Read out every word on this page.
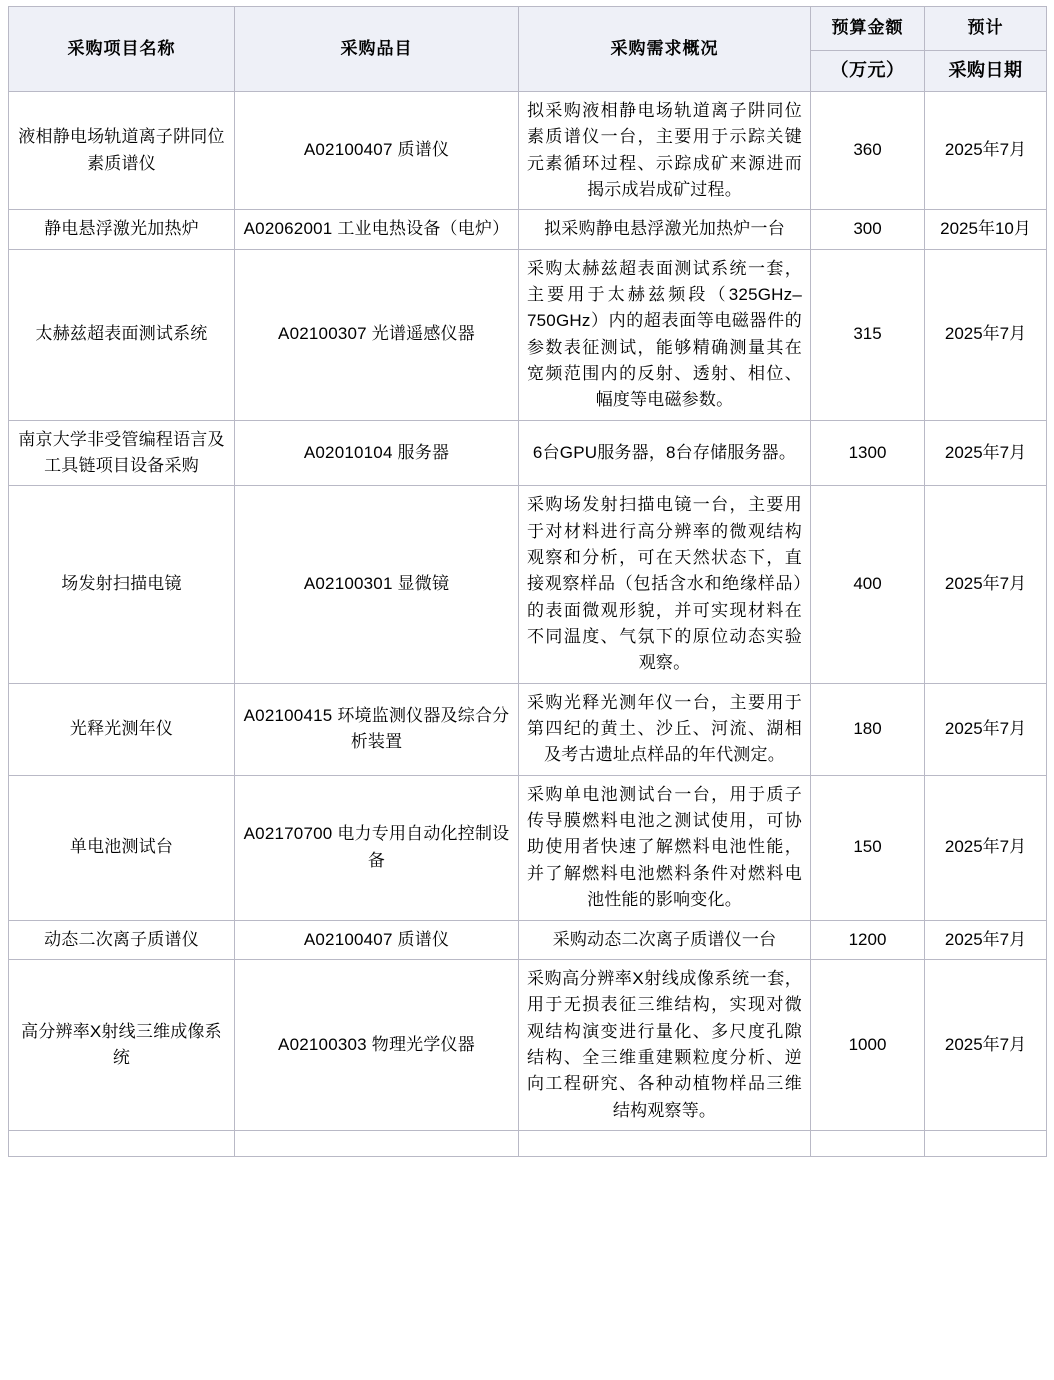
采购项目名称	采购品目	采购需求概况	预算金额	预计
			（万元）	采购日期
液相静电场轨道离子阱同位素质谱仪	A02100407 质谱仪	拟采购液相静电场轨道离子阱同位素质谱仪一台，主要用于示踪关键元素循环过程、示踪成矿来源进而揭示成岩成矿过程。	360	2025年7月
静电悬浮激光加热炉	A02062001 工业电热设备（电炉）	拟采购静电悬浮激光加热炉一台	300	2025年10月
太赫兹超表面测试系统	A02100307 光谱遥感仪器	采购太赫兹超表面测试系统一套，主要用于太赫兹频段（325GHz–750GHz）内的超表面等电磁器件的参数表征测试，能够精确测量其在宽频范围内的反射、透射、相位、幅度等电磁参数。	315	2025年7月
南京大学非受管编程语言及工具链项目设备采购	A02010104 服务器	6台GPU服务器，8台存储服务器。	1300	2025年7月
场发射扫描电镜	A02100301 显微镜	采购场发射扫描电镜一台，主要用于对材料进行高分辨率的微观结构观察和分析，可在天然状态下，直接观察样品（包括含水和绝缘样品）的表面微观形貌，并可实现材料在不同温度、气氛下的原位动态实验观察。	400	2025年7月
光释光测年仪	A02100415 环境监测仪器及综合分析装置	采购光释光测年仪一台，主要用于第四纪的黄土、沙丘、河流、湖相及考古遗址点样品的年代测定。	180	2025年7月
单电池测试台	A02170700 电力专用自动化控制设备	采购单电池测试台一台，用于质子传导膜燃料电池之测试使用，可协助使用者快速了解燃料电池性能，并了解燃料电池燃料条件对燃料电池性能的影响变化。	150	2025年7月
动态二次离子质谱仪	A02100407 质谱仪	采购动态二次离子质谱仪一台	1200	2025年7月
高分辨率X射线三维成像系统	A02100303 物理光学仪器	采购高分辨率X射线成像系统一套，用于无损表征三维结构，实现对微观结构演变进行量化、多尺度孔隙结构、全三维重建颗粒度分析、逆向工程研究、各种动植物样品三维结构观察等。	1000	2025年7月
